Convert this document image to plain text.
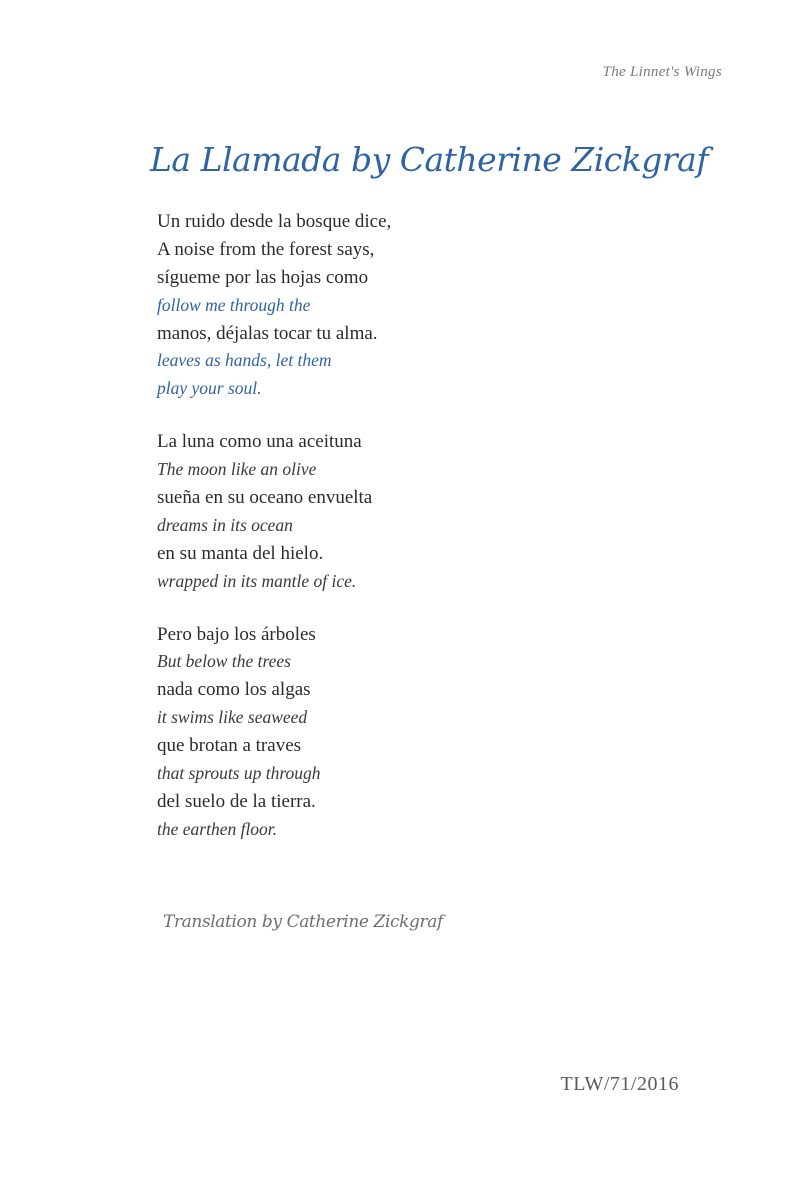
The Linnet's Wings
La Llamada by Catherine Zickgraf
Un ruido desde la bosque dice,
A noise from the forest says,
sígueme por las hojas como
follow me through the
manos, déjalas tocar tu alma.
leaves as hands, let them
play your soul.
La luna como una aceituna
The moon like an olive
sueña en su oceano envuelta
dreams in its ocean
en su manta del hielo.
wrapped in its mantle of ice.
Pero bajo los árboles
But below the trees
nada como los algas
it swims like seaweed
que brotan a traves
that sprouts up through
del suelo de la tierra.
the earthen floor.
Translation by Catherine Zickgraf
TLW/71/2016
